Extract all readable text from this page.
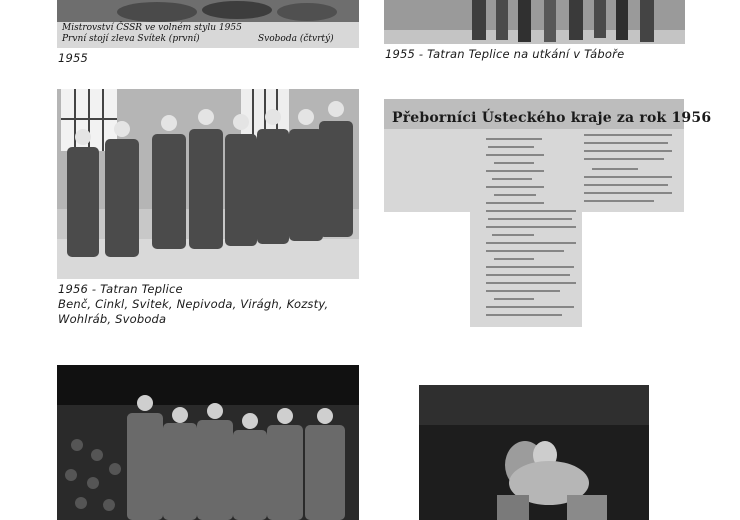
Mistrovství ČSSR ve volném stylu 1955
První stojí zleva Svítek (první)	Svoboda (čtvrtý)
1955	1955 - Tatran Teplice na utkání v Táboře
1956 - Tatran Teplice
Benč, Cinkl, Svitek, Nepivoda, Virágh, Kozsty,
Wohlráb, Svoboda
Přeborníci Ústeckého kraje za rok 1956
